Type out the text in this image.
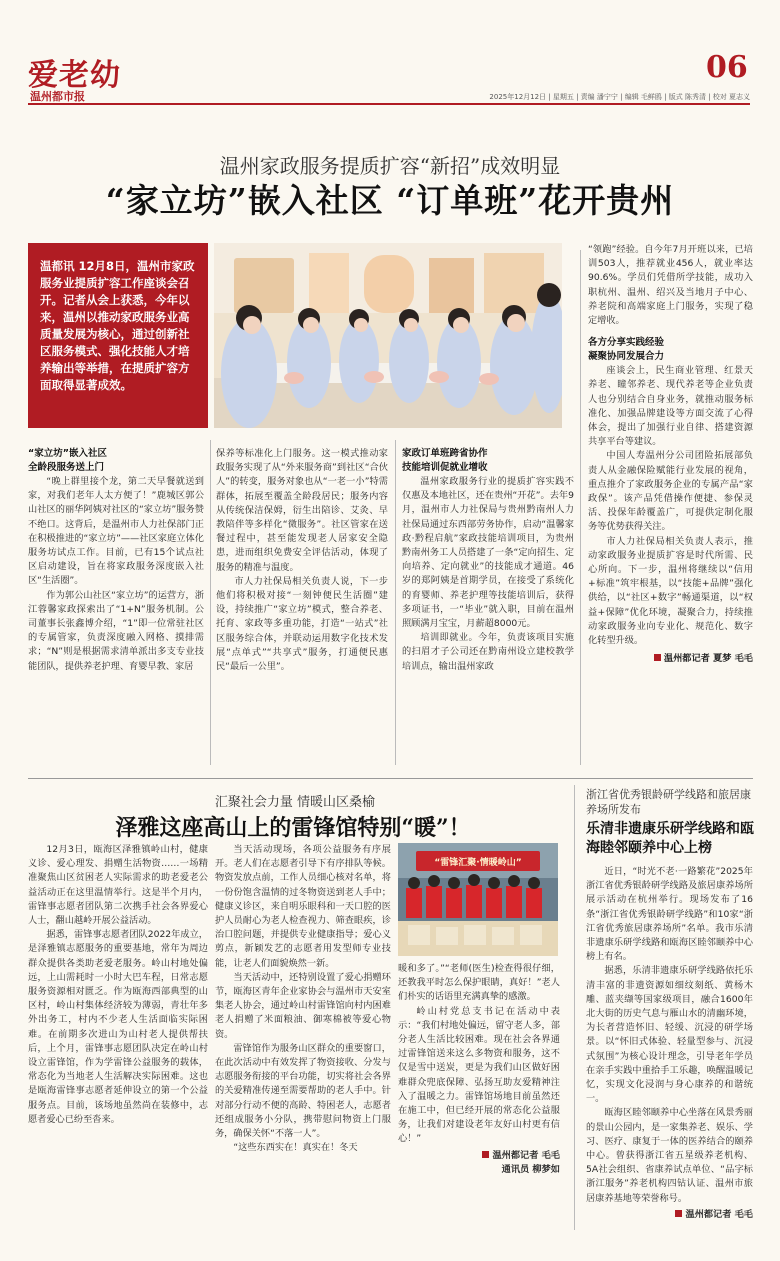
爱老幼
温州都市报
06
2025年12月12日 | 星期五 | 责编 潘宁宁 | 编辑 毛鲜鸥 | 版式 陈秀清 | 校对 夏志义
温州家政服务提质扩容“新招”成效明显
“家立坊”嵌入社区 “订单班”花开贵州
温都讯 12月8日，温州市家政服务业提质扩容工作座谈会召开。记者从会上获悉，今年以来，温州以推动家政服务业高质量发展为核心，通过创新社区服务模式、强化技能人才培养输出等举措，在提质扩容方面取得显著成效。
“家立坊”嵌入社区
全龄段服务送上门

“晚上群里接个龙，第二天早餐就送到家，对我们老年人太方便了！”鹿城区郭公山社区的丽华阿姨对社区的“家立坊”服务赞不绝口。这背后，是温州市人力社保部门正在积极推进的“家立坊”——社区家庭立体化服务坊试点工作。目前，已有15个试点社区启动建设，旨在将家政服务深度嵌入社区“生活圈”。

作为郭公山社区“家立坊”的运营方，浙江蓉馨家政探索出了“1+N”服务机制。公司董事长张鑫博介绍，“1”即一位常驻社区的专属管家，负责深度融入网格、摸排需求；“N”则是根据需求清单派出多支专业技能团队，提供养老护理、育婴早教、家居

保养等标准化上门服务。这一模式推动家政服务实现了从“外来服务商”到社区“合伙人”的转变，服务对象也从“一老一小”特需群体，拓展至覆盖全龄段居民；服务内容从传统保洁保姆，衍生出陪诊、艾灸、早教陪伴等多样化“微服务”。社区管家在送餐过程中，甚至能发现老人居家安全隐患，进而组织免费安全评估活动，体现了服务的精准与温度。

市人力社保局相关负责人说，下一步他们将积极对接“一刻钟便民生活圈”建设，持续推广“家立坊”模式，整合养老、托育、家政等多重功能，打造“一站式”社区服务综合体，并联动运用数字化技术发展“点单式”“共享式”服务，打通便民惠民“最后一公里”。

家政订单班跨省协作
技能培训促就业增收

温州家政服务行业的提质扩容实践不仅惠及本地社区，还在贵州“开花”。去年9月，温州市人力社保局与贵州黔南州人力社保局通过东西部劳务协作，启动“温馨家政·黔程启航”家政技能培训项目，为贵州黔南州务工人员搭建了一条“定向招生、定向培养、定向就业”的技能成才通道。46岁的郑阿姨是首期学员，在接受了系统化的育婴师、养老护理等技能培训后，获得多项证书，一“毕业”就入职，目前在温州照顾满月宝宝，月薪超8000元。

培训即就业。今年，负责该项目实施的扫眉才子公司还在黔南州设立建校教学培训点，输出温州家政

“领跑”经验。自今年7月开班以来，已培训503人，推荐就业456人，就业率达90.6%。学员们凭借所学技能，成功入职杭州、温州、绍兴及当地月子中心、养老院和高端家庭上门服务，实现了稳定增收。

各方分享实践经验
凝聚协同发展合力

座谈会上，民生商业管理、红景天养老、瞳邻养老、现代养老等企业负责人也分别结合自身业务，就推动服务标准化、加强品牌建设等方面交流了心得体会，提出了加强行业自律、搭建资源共享平台等建议。

中国人寿温州分公司团险拓展部负责人从金融保险赋能行业发展的视角，重点推介了家政服务企业的专属产品“家政保”。该产品凭借操作便捷、参保灵活、投保年龄覆盖广，可提供定制化服务等优势获得关注。

市人力社保局相关负责人表示，推动家政服务业提质扩容是时代所需、民心所向。下一步，温州将继续以“信用+标准”筑牢根基，以“技能+品牌”强化供给，以“社区+数字”畅通渠道，以“权益+保障”优化环境，凝聚合力，持续推动家政服务业向专业化、规范化、数字化转型升级。

温州都记者 夏梦 毛毛
汇聚社会力量 情暖山区桑榆
泽雅这座高山上的雷锋馆特别“暖”！

12月3日，瓯海区泽雅镇岭山村，健康义诊、爱心理发、捐赠生活物资……一场精准聚焦山区贫困老人实际需求的助老爱老公益活动正在这里温情举行。这是半个月内，雷锋事志愿者团队第二次携手社会各界爱心人士，翻山越岭开展公益活动。

据悉，雷锋事志愿者团队2022年成立，是泽雅镇志愿服务的重要基地，常年为周边群众提供各类助老爱老服务。岭山村地处偏远，上山需耗时一小时大巴车程，日常志愿服务资源相对匮乏。作为瓯海西部典型的山区村，岭山村集体经济较为薄弱，青壮年多外出务工，村内不少老人生活面临实际困难。在前期多次进山为山村老人提供帮扶后，上个月，雷锋事志愿团队决定在岭山村设立雷锋馆，作为学雷锋公益服务的载体，常态化为当地老人生活解决实际困难。这也是瓯海雷锋事志愿者延伸设立的第一个公益服务点。目前，该场地虽然尚在装修中，志愿者爱心已纷至沓来。

当天活动现场，各项公益服务有序展开。老人们在志愿者引导下有序排队等候。物资发放点前，工作人员细心核对名单，将一份份饱含温情的过冬物资送到老人手中；健康义诊区，来自明乐眼科和一天口腔的医护人员耐心为老人检查视力、筛查眼疾，诊治口腔问题，并提供专业健康指导；爱心义剪点，新颖发艺的志愿者用发型师专业技能，让老人们面貌焕然一新。

当天活动中，还特别设置了爱心捐赠环节，瓯海区青年企业家协会与温州市天安室集老人协会，通过岭山村雷锋馆向村内困难老人捐赠了米面粮油、御寒棉被等爱心物资。

雷锋馆作为服务山区群众的重要窗口，在此次活动中有效发挥了物资接收、分发与志愿服务衔接的平台功能，切实将社会各界的关爱精准传递至需要帮助的老人手中。针对部分行动不便的高龄、特困老人，志愿者还组成服务小分队，携带慰问物资上门服务，确保关怀“不落一人”。

“这些东西实在！真实在！冬天

“雷锋汇聚·情暖岭山”

暖和多了。”“老师(医生)检查得很仔细，还教我平时怎么保护眼睛，真好！”老人们朴实的话语里充满真挚的感激。

岭山村党总支书记在活动中表示：“我们村地处偏远，留守老人多，部分老人生活比较困难。现在社会各界通过雷锋馆送来这么多物资和服务，这不仅是雪中送炭，更是为我们山区做好困难群众兜底保障、弘扬互助友爱精神注入了温暖之力。雷锋馆场地目前虽然还在施工中，但已经开展的常态化公益服务，让我们对建设老年友好山村更有信心！”

温州都记者 毛毛
通讯员 柳梦如
浙江省优秀银龄研学线路和旅居康养场所发布
乐清非遗康乐研学线路和瓯海睦邻颐养中心上榜

近日，“时光不老·一路繁花”2025年浙江省优秀银龄研学线路及旅居康养场所展示活动在杭州举行。现场发布了16条“浙江省优秀银龄研学线路”和10家“浙江省优秀旅居康养场所”名单。我市乐清非遗康乐研学线路和瓯海区睦邻颐养中心榜上有名。

据悉，乐清非遗康乐研学线路依托乐清丰富的非遗资源如细纹刻纸、黄杨木雕、蓝夹缬等国家级项目，融合1600年北大街的历史气息与雁山水的清幽环境，为长者营造怀旧、轻缓、沉浸的研学场景。以“怀旧式体验、轻量型参与、沉浸式氛围”为核心设计理念，引导老年学员在亲手实践中重拾手工乐趣，唤醒温暖记忆，实现文化浸润与身心康养的和谐统一。

瓯海区睦邻颐养中心坐落在风景秀丽的景山公园内，是一家集养老、娱乐、学习、医疗、康复于一体的医养结合的颐养中心。曾获得浙江省五星级养老机构、5A社会组织、省康养试点单位、“品字标浙江服务”养老机构四钻认证、温州市旅居康养基地等荣誉称号。

温州都记者 毛毛
